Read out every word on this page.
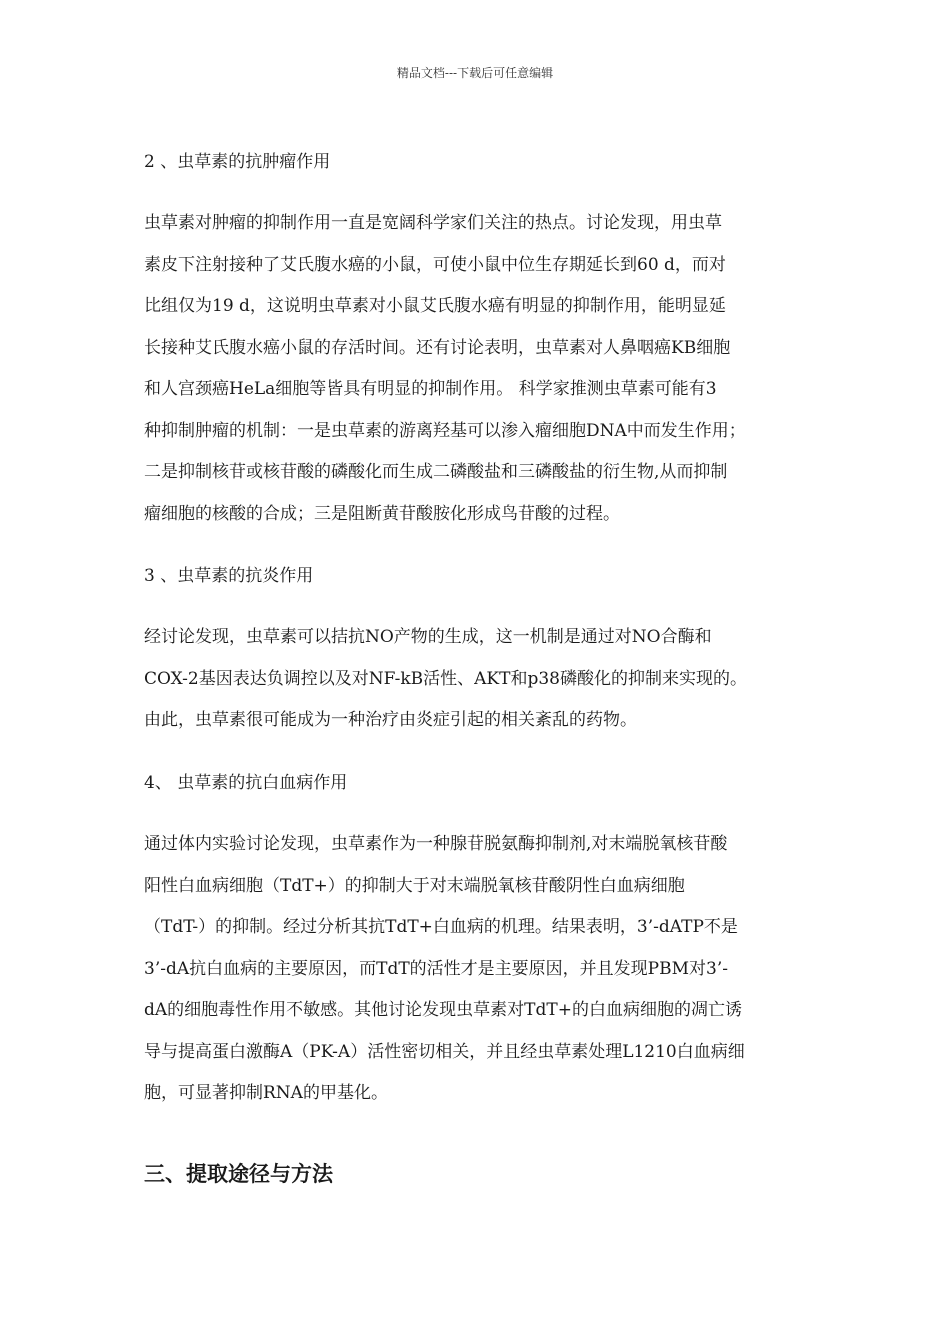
精品文档---下载后可任意编辑
2 、虫草素的抗肿瘤作用
虫草素对肿瘤的抑制作用一直是宽阔科学家们关注的热点。讨论发现，用虫草
素皮下注射接种了艾氏腹水癌的小鼠，可使小鼠中位生存期延长到60 d，而对
比组仅为19 d，这说明虫草素对小鼠艾氏腹水癌有明显的抑制作用，能明显延
长接种艾氏腹水癌小鼠的存活时间。还有讨论表明，虫草素对人鼻咽癌KB细胞
和人宫颈癌HeLa细胞等皆具有明显的抑制作用。 科学家推测虫草素可能有3
种抑制肿瘤的机制：一是虫草素的游离羟基可以渗入瘤细胞DNA中而发生作用；
二是抑制核苷或核苷酸的磷酸化而生成二磷酸盐和三磷酸盐的衍生物,从而抑制
瘤细胞的核酸的合成；三是阻断黄苷酸胺化形成鸟苷酸的过程。
3 、虫草素的抗炎作用
经讨论发现，虫草素可以拮抗NO产物的生成，这一机制是通过对NO合酶和
COX-2基因表达负调控以及对NF-kB活性、AKT和p38磷酸化的抑制来实现的。
由此，虫草素很可能成为一种治疗由炎症引起的相关紊乱的药物。
4、 虫草素的抗白血病作用
通过体内实验讨论发现，虫草素作为一种腺苷脱氨酶抑制剂,对末端脱氧核苷酸
阳性白血病细胞（TdT+）的抑制大于对末端脱氧核苷酸阴性白血病细胞
（TdT-）的抑制。经过分析其抗TdT+白血病的机理。结果表明，3’-dATP不是
3’-dA抗白血病的主要原因，而TdT的活性才是主要原因，并且发现PBM对3’-
dA的细胞毒性作用不敏感。其他讨论发现虫草素对TdT+的白血病细胞的凋亡诱
导与提高蛋白激酶A（PK-A）活性密切相关，并且经虫草素处理L1210白血病细
胞，可显著抑制RNA的甲基化。
三、提取途径与方法
